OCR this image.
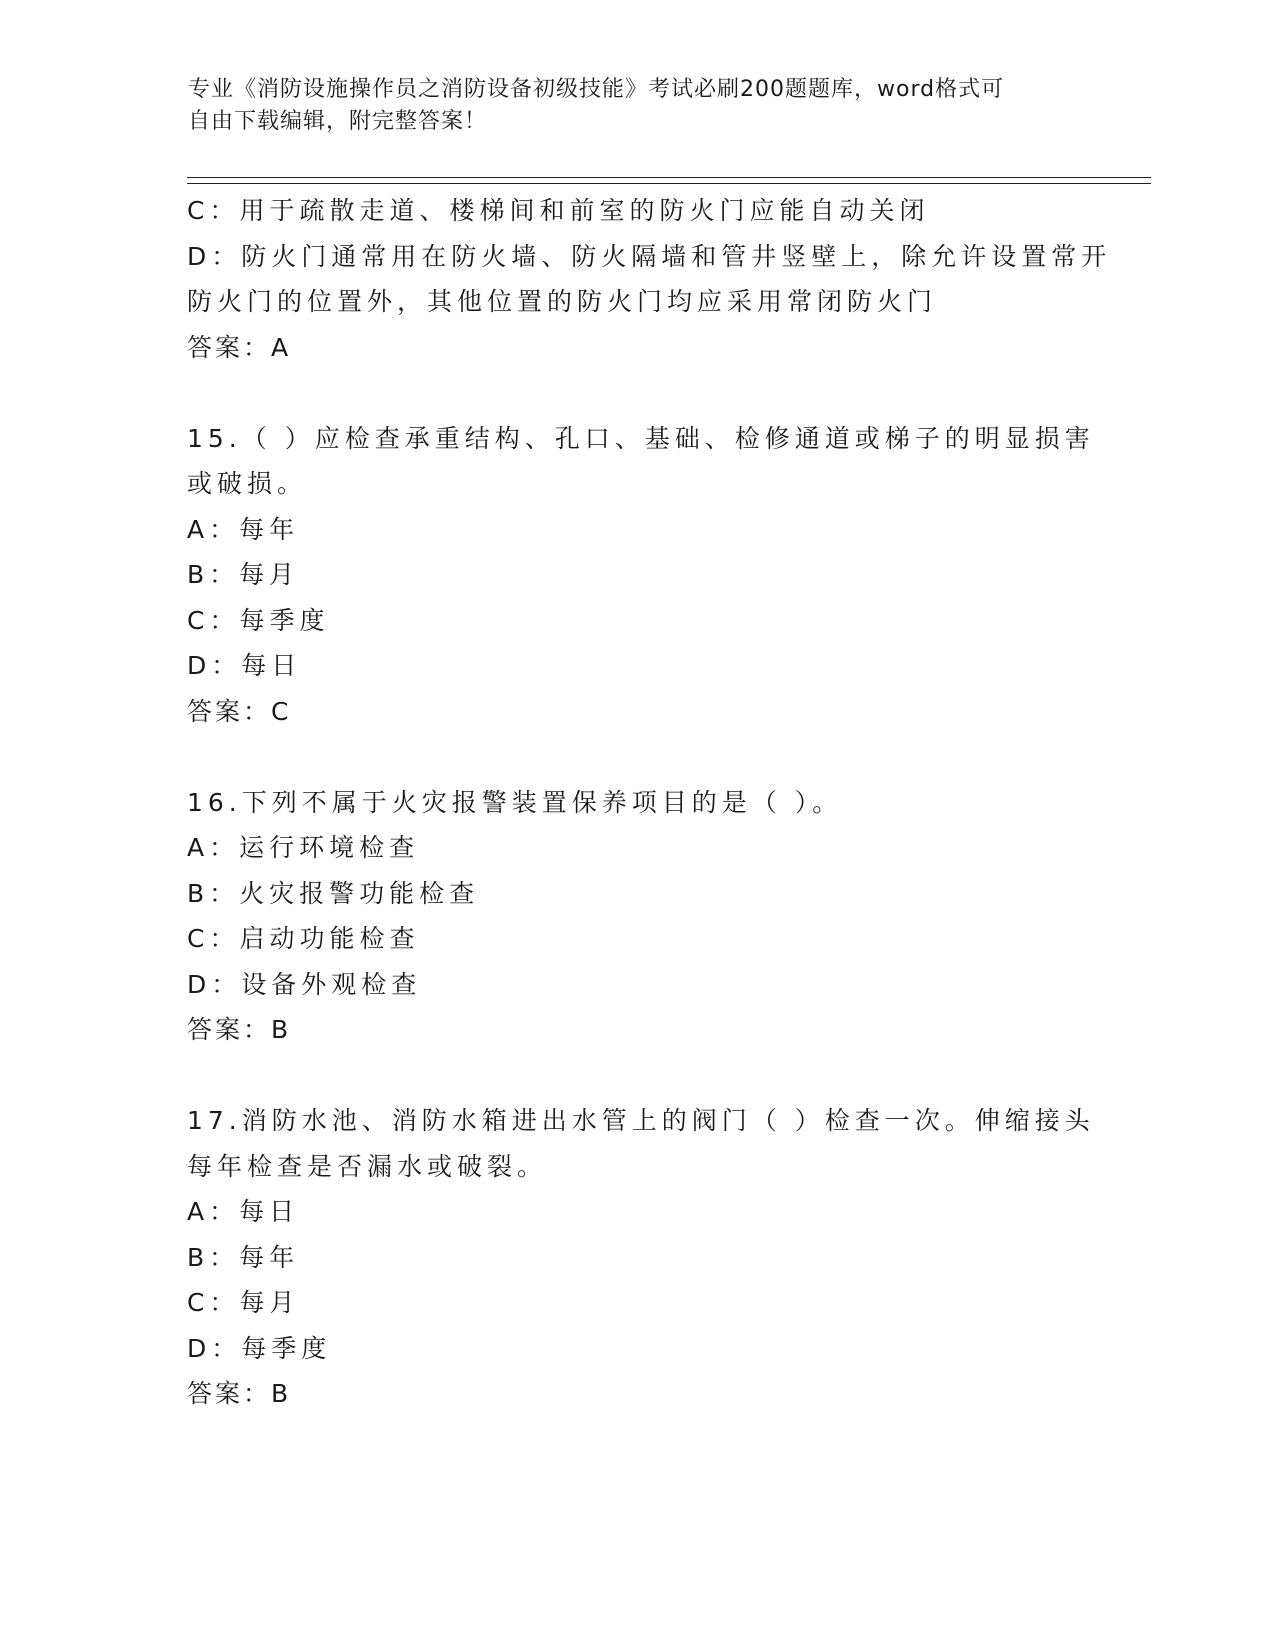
专业《消防设施操作员之消防设备初级技能》考试必刷200题题库，word格式可
自由下载编辑，附完整答案！
C：用于疏散走道、楼梯间和前室的防火门应能自动关闭
D：防火门通常用在防火墙、防火隔墙和管井竖壁上，除允许设置常开
防火门的位置外，其他位置的防火门均应采用常闭防火门
答案：A
15.（ ）应检查承重结构、孔口、基础、检修通道或梯子的明显损害
或破损。
A：每年
B：每月
C：每季度
D：每日
答案：C
16.下列不属于火灾报警装置保养项目的是（ ）。
A：运行环境检查
B：火灾报警功能检查
C：启动功能检查
D：设备外观检查
答案：B
17.消防水池、消防水箱进出水管上的阀门（ ）检查一次。伸缩接头
每年检查是否漏水或破裂。
A：每日
B：每年
C：每月
D：每季度
答案：B
